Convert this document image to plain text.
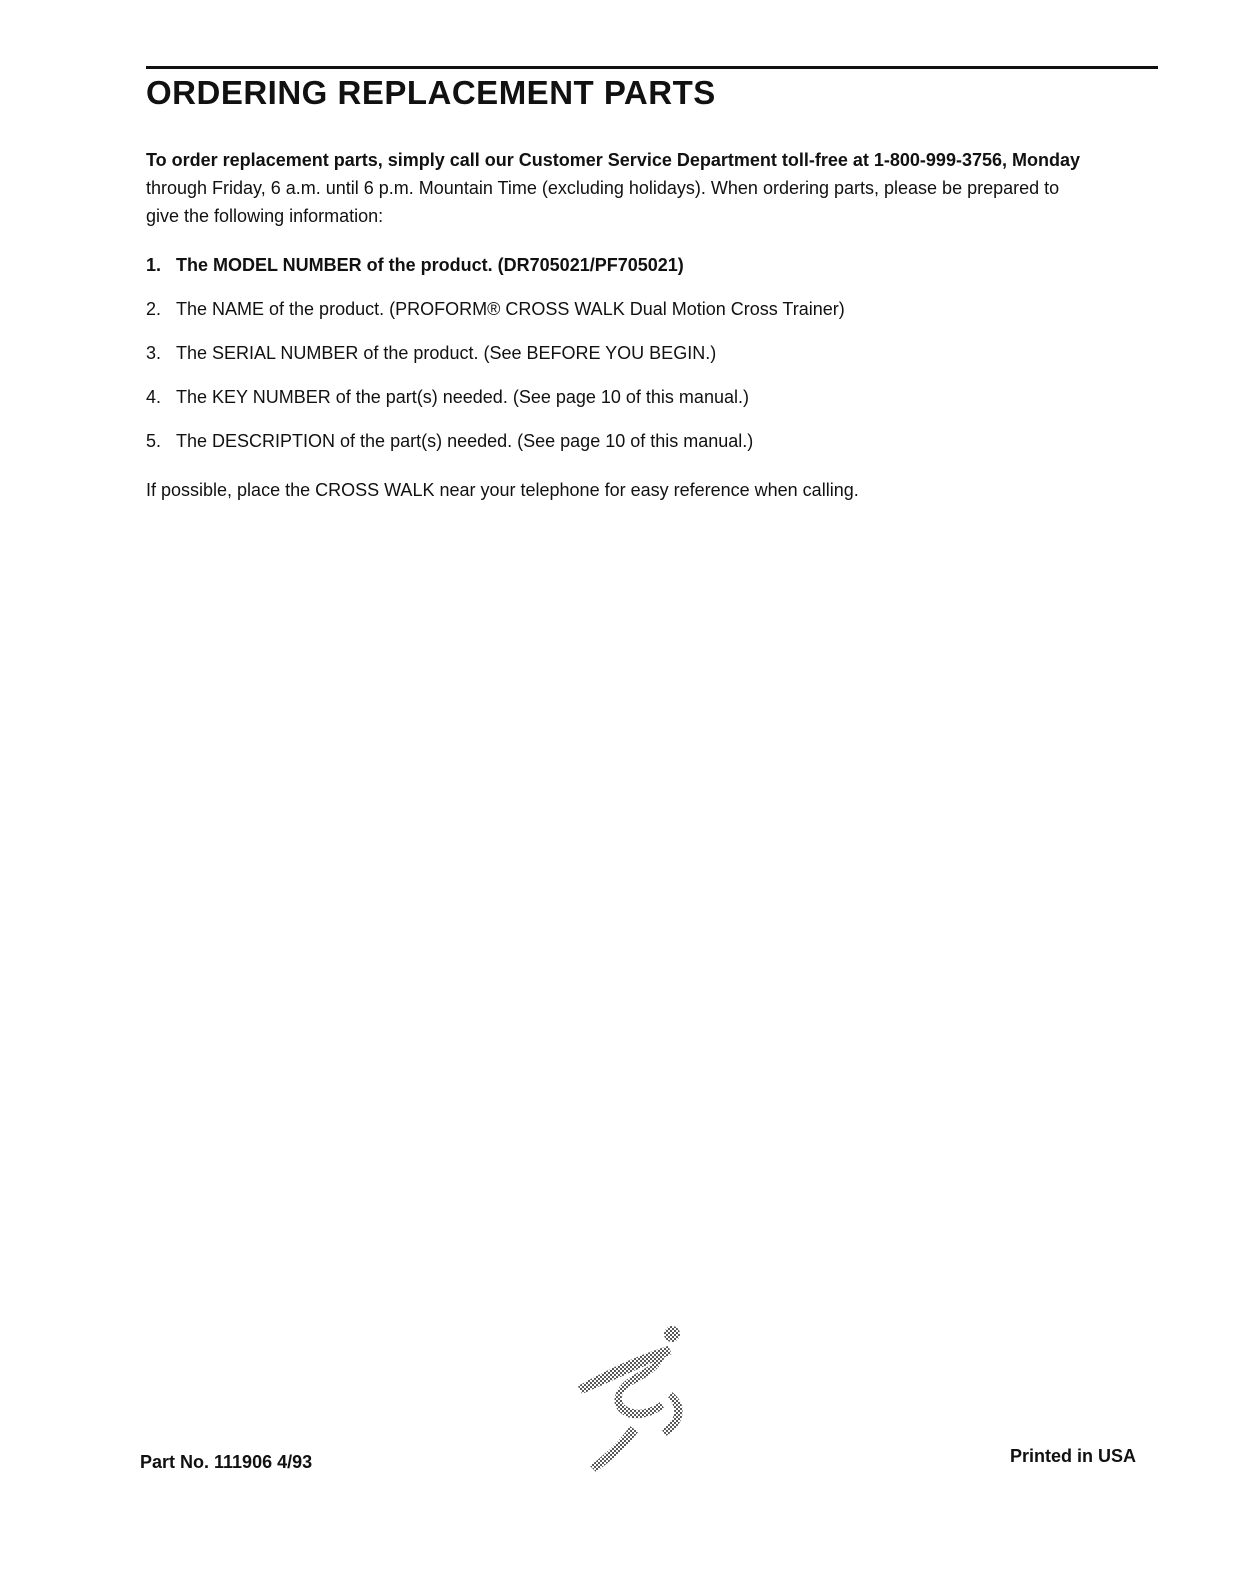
ORDERING REPLACEMENT PARTS
To order replacement parts, simply call our Customer Service Department toll-free at 1-800-999-3756, Monday
through Friday, 6 a.m. until 6 p.m. Mountain Time (excluding holidays). When ordering parts, please be prepared to
give the following information:
1. The MODEL NUMBER of the product. (DR705021/PF705021)
2. The NAME of the product. (PROFORM® CROSS WALK Dual Motion Cross Trainer)
3. The SERIAL NUMBER of the product. (See BEFORE YOU BEGIN.)
4. The KEY NUMBER of the part(s) needed. (See page 10 of this manual.)
5. The DESCRIPTION of the part(s) needed. (See page 10 of this manual.)
If possible, place the CROSS WALK near your telephone for easy reference when calling.
Part No. 111906 4/93	Printed in USA
